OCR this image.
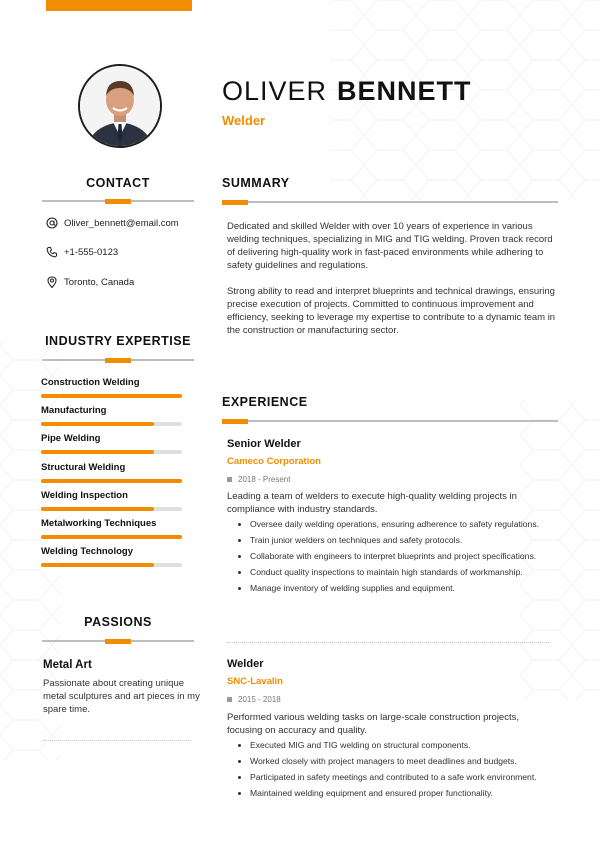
OLIVER BENNETT
Welder
CONTACT
Oliver_bennett@email.com
+1-555-0123
Toronto, Canada
INDUSTRY EXPERTISE
Construction Welding
Manufacturing
Pipe Welding
Structural Welding
Welding Inspection
Metalworking Techniques
Welding Technology
PASSIONS
Metal Art
Passionate about creating unique metal sculptures and art pieces in my spare time.
SUMMARY
Dedicated and skilled Welder with over 10 years of experience in various welding techniques, specializing in MIG and TIG welding. Proven track record of delivering high-quality work in fast-paced environments while adhering to safety guidelines and regulations.
Strong ability to read and interpret blueprints and technical drawings, ensuring precise execution of projects. Committed to continuous improvement and efficiency, seeking to leverage my expertise to contribute to a dynamic team in the construction or manufacturing sector.
EXPERIENCE
Senior Welder
Cameco Corporation
2018 - Present
Leading a team of welders to execute high-quality welding projects in compliance with industry standards.
• Oversee daily welding operations, ensuring adherence to safety regulations.
• Train junior welders on techniques and safety protocols.
• Collaborate with engineers to interpret blueprints and project specifications.
• Conduct quality inspections to maintain high standards of workmanship.
• Manage inventory of welding supplies and equipment.
Welder
SNC-Lavalin
2015 - 2018
Performed various welding tasks on large-scale construction projects, focusing on accuracy and quality.
• Executed MIG and TIG welding on structural components.
• Worked closely with project managers to meet deadlines and budgets.
• Participated in safety meetings and contributed to a safe work environment.
• Maintained welding equipment and ensured proper functionality.
